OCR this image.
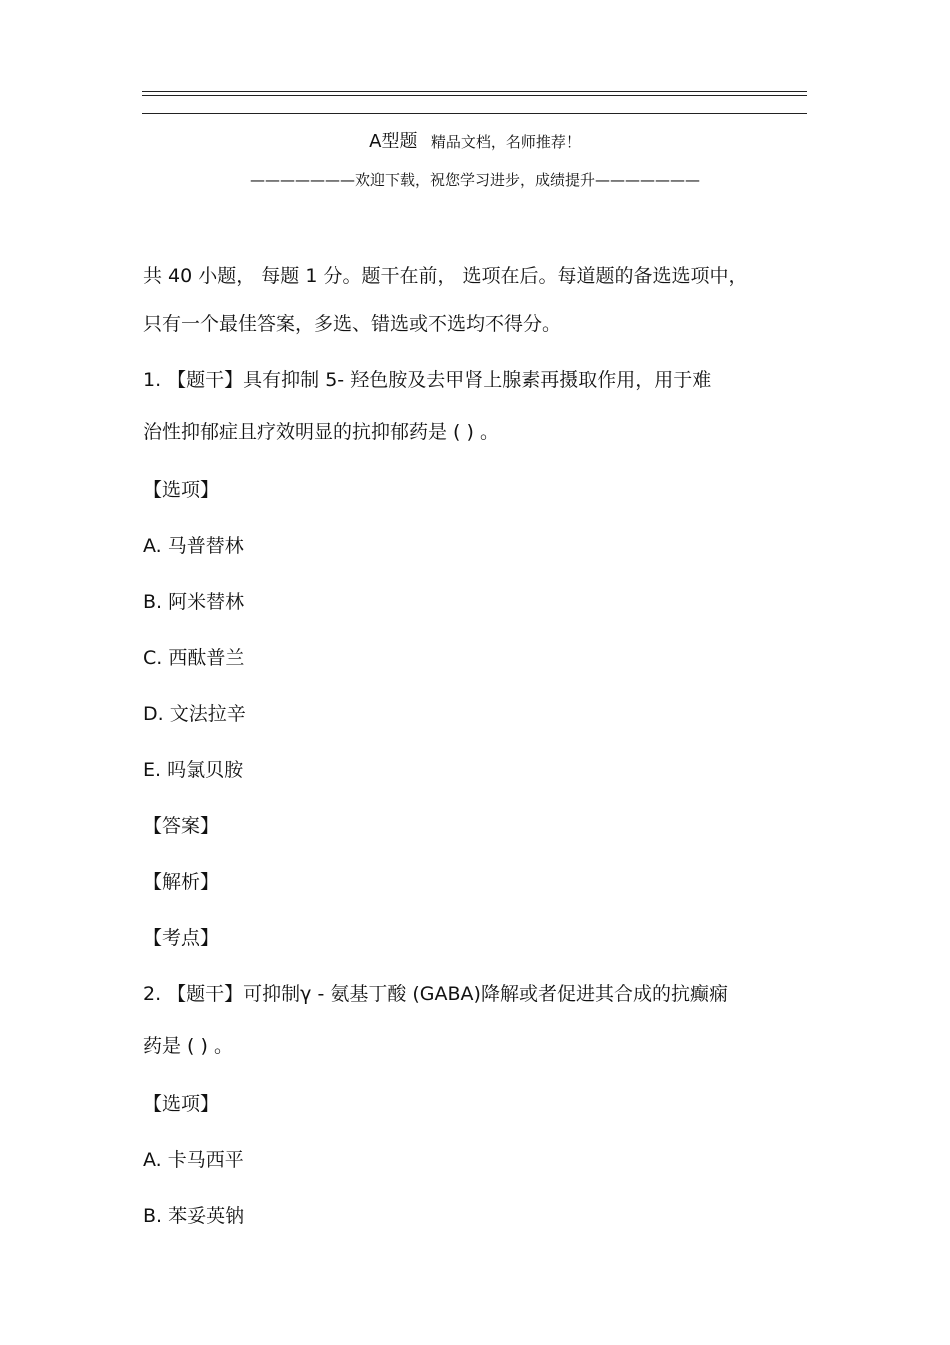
A型题 精品文档，名师推荐！
———————欢迎下载，祝您学习进步，成绩提升———————
共 40 小题， 每题 1 分。题干在前， 选项在后。每道题的备选选项中，
只有一个最佳答案，多选、错选或不选均不得分。
1. 【题干】具有抑制 5- 羟色胺及去甲肾上腺素再摄取作用，用于难
治性抑郁症且疗效明显的抗抑郁药是 ( ) 。
【选项】
A. 马普替林
B. 阿米替林
C. 西酞普兰
D. 文法拉辛
E. 吗氯贝胺
【答案】
【解析】
【考点】
2. 【题干】可抑制γ - 氨基丁酸 (GABA)降解或者促进其合成的抗癫痫
药是 ( ) 。
【选项】
A. 卡马西平
B. 苯妥英钠
